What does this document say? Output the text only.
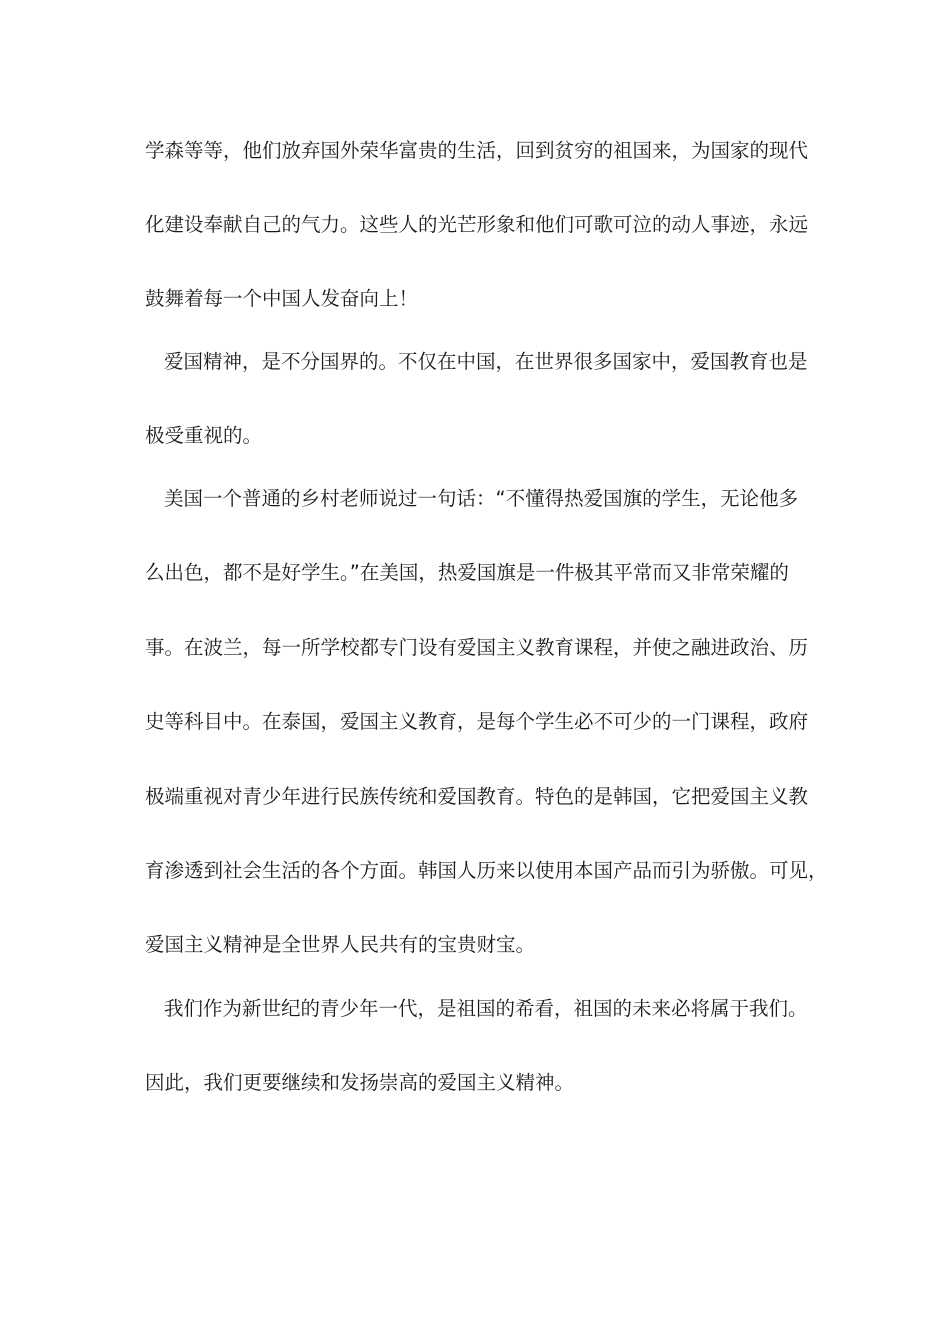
学森等等，他们放弃国外荣华富贵的生活，回到贫穷的祖国来，为国家的现代
化建设奉献自己的气力。这些人的光芒形象和他们可歌可泣的动人事迹，永远
鼓舞着每一个中国人发奋向上！
爱国精神，是不分国界的。不仅在中国，在世界很多国家中，爱国教育也是
极受重视的。
美国一个普通的乡村老师说过一句话：“不懂得热爱国旗的学生，无论他多
么出色，都不是好学生。”在美国，热爱国旗是一件极其平常而又非常荣耀的
事。在波兰，每一所学校都专门设有爱国主义教育课程，并使之融进政治、历
史等科目中。在泰国，爱国主义教育，是每个学生必不可少的一门课程，政府
极端重视对青少年进行民族传统和爱国教育。特色的是韩国，它把爱国主义教
育渗透到社会生活的各个方面。韩国人历来以使用本国产品而引为骄傲。可见，
爱国主义精神是全世界人民共有的宝贵财宝。
我们作为新世纪的青少年一代，是祖国的希看，祖国的未来必将属于我们。
因此，我们更要继续和发扬崇高的爱国主义精神。
